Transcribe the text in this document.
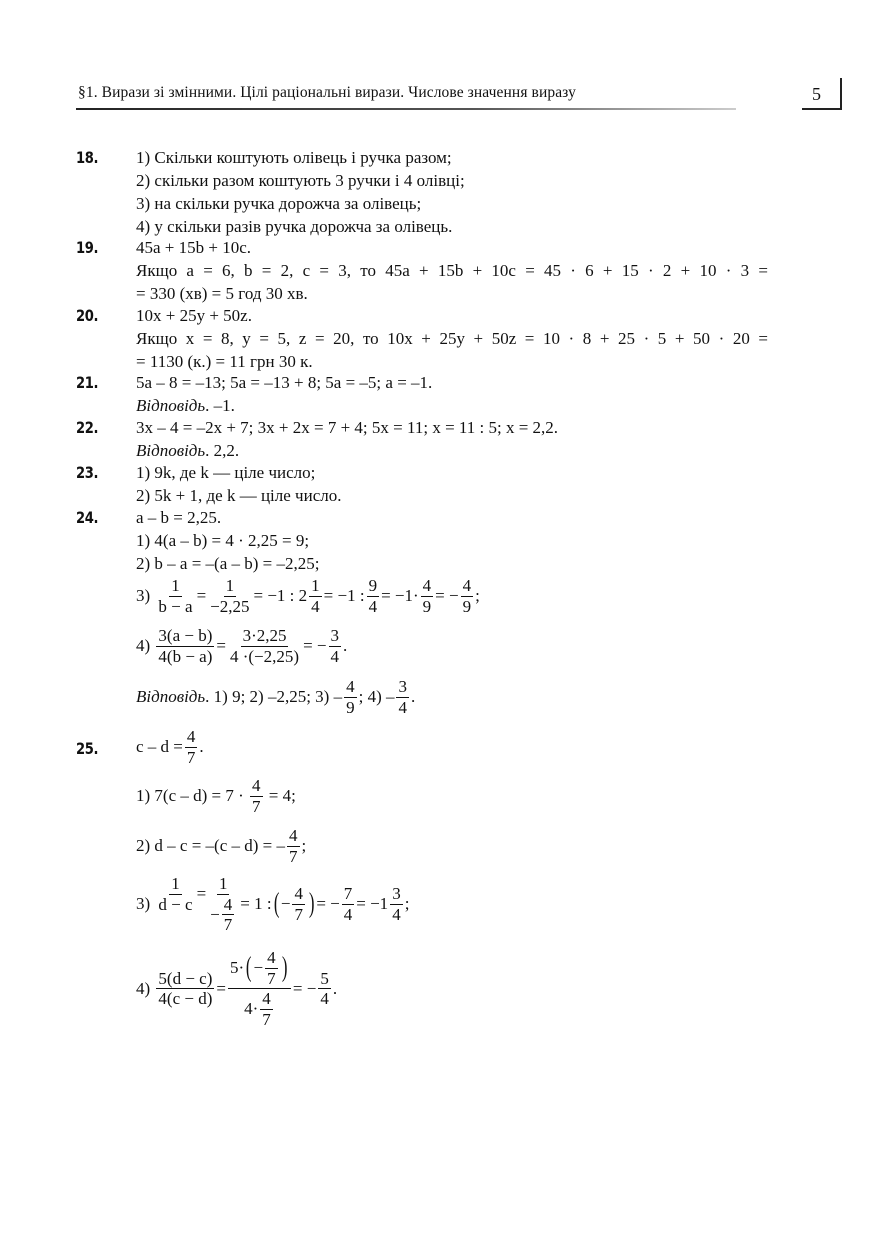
§1. Вирази зі змінними. Цілі раціональні вирази. Числове значення виразу	5
18. 1) Скільки коштують олівець і ручка разом;
2) скільки разом коштують 3 ручки і 4 олівці;
3) на скільки ручка дорожча за олівець;
4) у скільки разів ручка дорожча за олівець.
19. 45a + 15b + 10c.
Якщо a = 6, b = 2, c = 3, то 45a + 15b + 10c = 45 · 6 + 15 · 2 + 10 · 3 =
= 330 (хв) = 5 год 30 хв.
20. 10x + 25y + 50z.
Якщо x = 8, y = 5, z = 20, то 10x + 25y + 50z = 10 · 8 + 25 · 5 + 50 · 20 =
= 1130 (к.) = 11 грн 30 к.
21. 5a – 8 = –13; 5a = –13 + 8; 5a = –5; a = –1.
Відповідь. –1.
22. 3x – 4 = –2x + 7; 3x + 2x = 7 + 4; 5x = 11; x = 11 : 5; x = 2,2.
Відповідь. 2,2.
23. 1) 9k, де k — ціле число;
2) 5k + 1, де k — ціле число.
24. a – b = 2,25.
1) 4(a – b) = 4 · 2,25 = 9;
2) b – a = –(a – b) = –2,25;
3)
$\frac{1}{b - a} = \frac{1}{-2,25} = -1$ : $2 \frac{1}{4} = -1$ : $\frac{9}{4} = -1\cdot \frac{4}{9}$ = − $\frac{4}{9}$ ;
4)
$\frac{3(a - b)}{4(b - a)} = \frac{3\cdot 2,25}{4 \cdot(-2,25)}$ = − $\frac{3}{4}$ .
Відповідь . 1) 9; 2) –2,25; $3) - \frac{4}{9}$ ; $4) - \frac{3}{4}$ .
25. $c - d = \frac{4}{7}$ .
1) 7(c – d) = 7 ·
$\frac{4}{7}$
= 4;
2) d – c = –(c – d) = – $\frac{4}{7}$ ;
3)
$\frac{1}{d - c} = \frac{1}{- \frac{4}{7}} = 1$ : ( − $\frac{4}{7}$ ) = − $\frac{7}{4} = -1 \frac{3}{4}$ ;
4)
$\frac{5(d - c)}{4(c - d)} = \frac{5\cdot ( - \frac{4}{7} )}{4\cdot \frac{4}{7}}$ = − $\frac{5}{4}$ .
